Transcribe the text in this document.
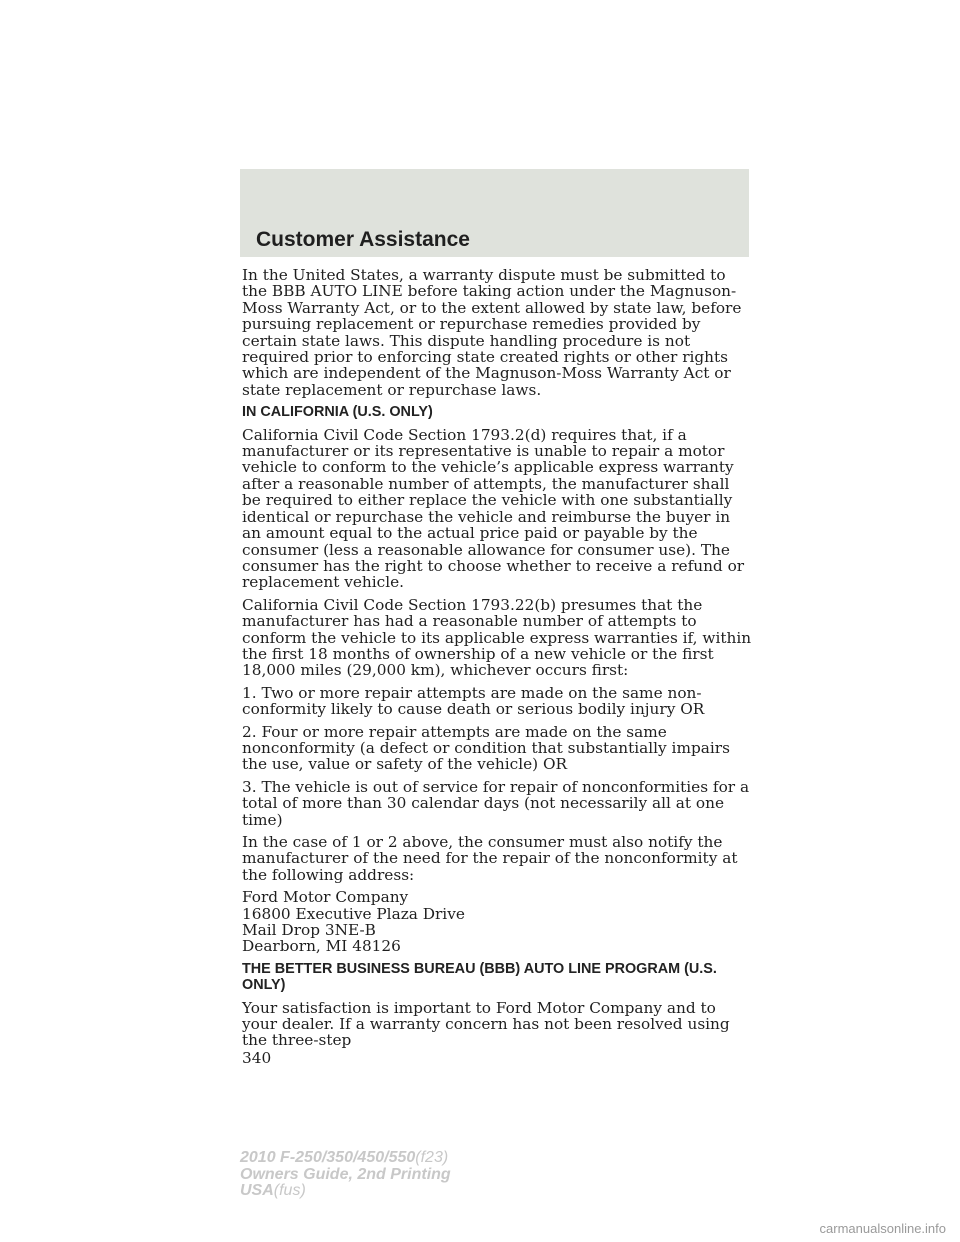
Customer Assistance

In the United States, a warranty dispute must be submitted to the BBB AUTO LINE before taking action under the Magnuson-Moss Warranty Act, or to the extent allowed by state law, before pursuing replacement or repurchase remedies provided by certain state laws. This dispute handling procedure is not required prior to enforcing state created rights or other rights which are independent of the Magnuson-Moss Warranty Act or state replacement or repurchase laws.

IN CALIFORNIA (U.S. ONLY)

California Civil Code Section 1793.2(d) requires that, if a manufacturer or its representative is unable to repair a motor vehicle to conform to the vehicle’s applicable express warranty after a reasonable number of attempts, the manufacturer shall be required to either replace the vehicle with one substantially identical or repurchase the vehicle and reimburse the buyer in an amount equal to the actual price paid or payable by the consumer (less a reasonable allowance for consumer use). The consumer has the right to choose whether to receive a refund or replacement vehicle.

California Civil Code Section 1793.22(b) presumes that the manufacturer has had a reasonable number of attempts to conform the vehicle to its applicable express warranties if, within the first 18 months of ownership of a new vehicle or the first 18,000 miles (29,000 km), whichever occurs first:

1. Two or more repair attempts are made on the same non-conformity likely to cause death or serious bodily injury OR

2. Four or more repair attempts are made on the same nonconformity (a defect or condition that substantially impairs the use, value or safety of the vehicle) OR

3. The vehicle is out of service for repair of nonconformities for a total of more than 30 calendar days (not necessarily all at one time)

In the case of 1 or 2 above, the consumer must also notify the manufacturer of the need for the repair of the nonconformity at the following address:

Ford Motor Company
16800 Executive Plaza Drive
Mail Drop 3NE-B
Dearborn, MI 48126
THE BETTER BUSINESS BUREAU (BBB) AUTO LINE PROGRAM (U.S. ONLY)

Your satisfaction is important to Ford Motor Company and to your dealer. If a warranty concern has not been resolved using the three-step

340
2010 F-250/350/450/550(f23)
Owners Guide, 2nd Printing
USA(fus)
carmanualsonline.info
